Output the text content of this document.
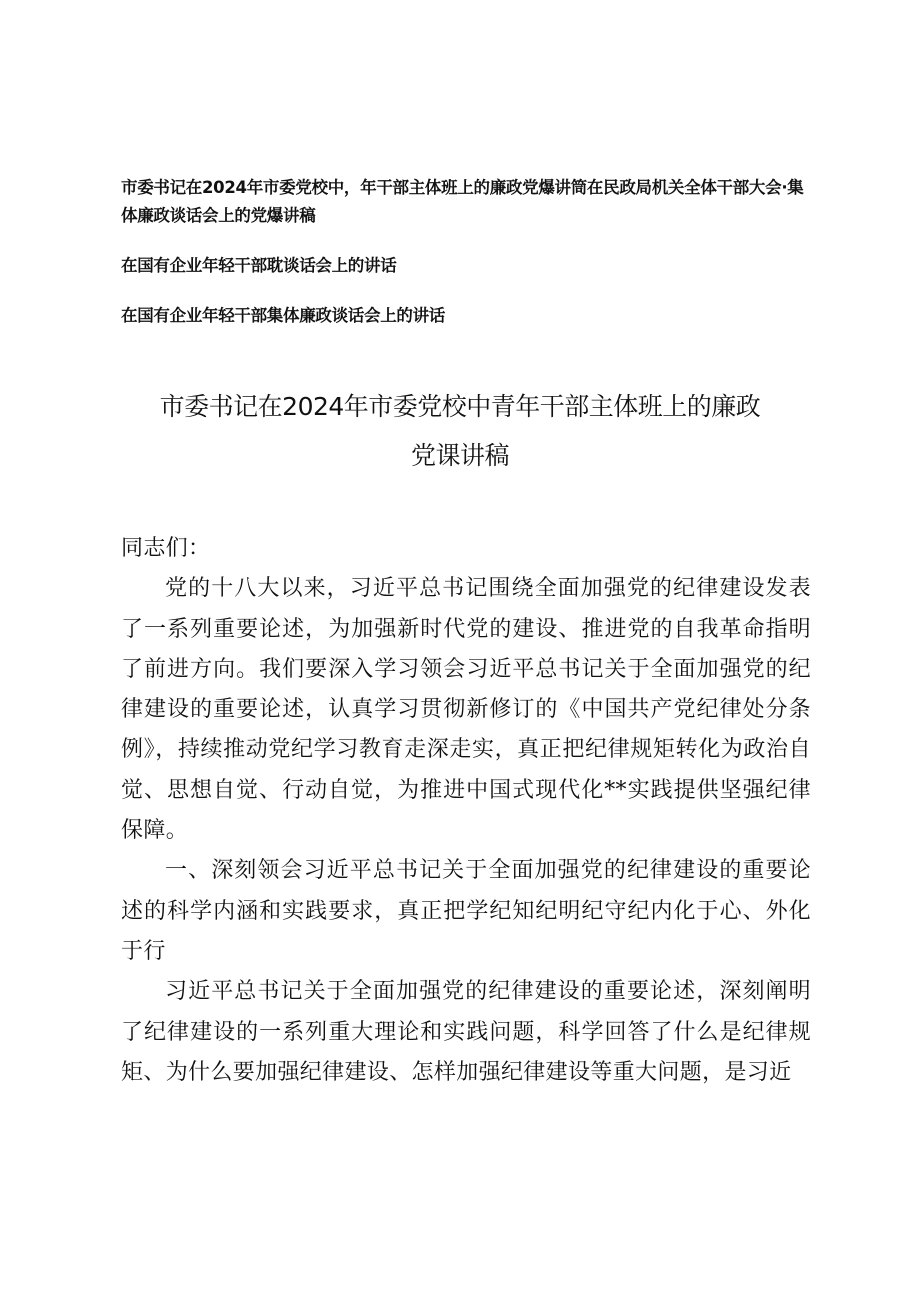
市委书记在2024年市委党校中，年干部主体班上的廉政党爆讲筒在民政局机关全体干部大会·集体廉政谈话会上的党爆讲稿

在国有企业年轻干部耽谈话会上的讲话

在国有企业年轻干部集体廉政谈话会上的讲话

市委书记在2024年市委党校中青年干部主体班上的廉政
党课讲稿

同志们：

党的十八大以来，习近平总书记围绕全面加强党的纪律建设发表了一系列重要论述，为加强新时代党的建设、推进党的自我革命指明了前进方向。我们要深入学习领会习近平总书记关于全面加强党的纪律建设的重要论述，认真学习贯彻新修订的《中国共产党纪律处分条例》，持续推动党纪学习教育走深走实，真正把纪律规矩转化为政治自觉、思想自觉、行动自觉，为推进中国式现代化**实践提供坚强纪律保障。

一、深刻领会习近平总书记关于全面加强党的纪律建设的重要论述的科学内涵和实践要求，真正把学纪知纪明纪守纪内化于心、外化于行

习近平总书记关于全面加强党的纪律建设的重要论述，深刻阐明了纪律建设的一系列重大理论和实践问题，科学回答了什么是纪律规矩、为什么要加强纪律建设、怎样加强纪律建设等重大问题，是习近
